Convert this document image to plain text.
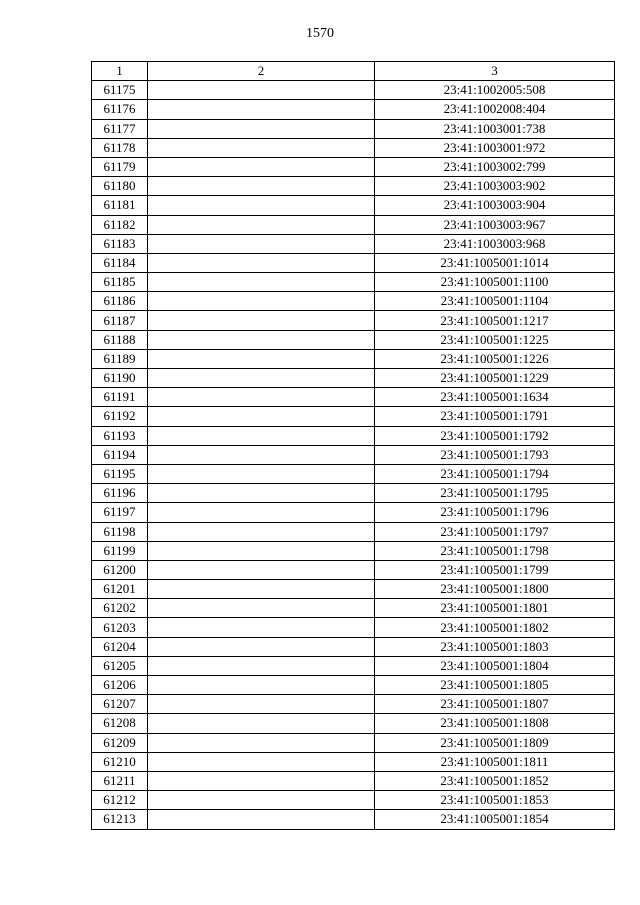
1570
1	2	3
61175		23:41:1002005:508
61176		23:41:1002008:404
61177		23:41:1003001:738
61178		23:41:1003001:972
61179		23:41:1003002:799
61180		23:41:1003003:902
61181		23:41:1003003:904
61182		23:41:1003003:967
61183		23:41:1003003:968
61184		23:41:1005001:1014
61185		23:41:1005001:1100
61186		23:41:1005001:1104
61187		23:41:1005001:1217
61188		23:41:1005001:1225
61189		23:41:1005001:1226
61190		23:41:1005001:1229
61191		23:41:1005001:1634
61192		23:41:1005001:1791
61193		23:41:1005001:1792
61194		23:41:1005001:1793
61195		23:41:1005001:1794
61196		23:41:1005001:1795
61197		23:41:1005001:1796
61198		23:41:1005001:1797
61199		23:41:1005001:1798
61200		23:41:1005001:1799
61201		23:41:1005001:1800
61202		23:41:1005001:1801
61203		23:41:1005001:1802
61204		23:41:1005001:1803
61205		23:41:1005001:1804
61206		23:41:1005001:1805
61207		23:41:1005001:1807
61208		23:41:1005001:1808
61209		23:41:1005001:1809
61210		23:41:1005001:1811
61211		23:41:1005001:1852
61212		23:41:1005001:1853
61213		23:41:1005001:1854
